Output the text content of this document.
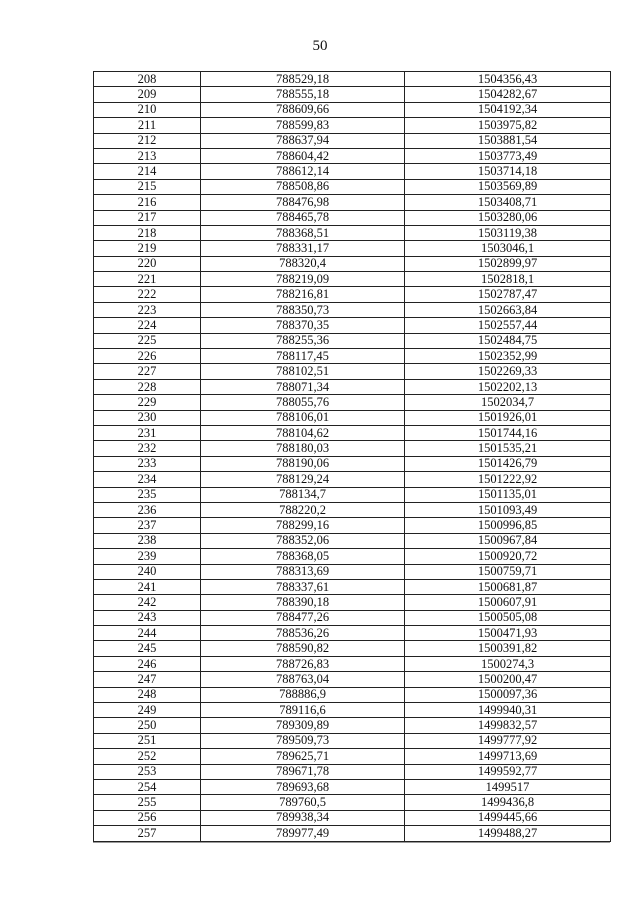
50
208	788529,18	1504356,43
209	788555,18	1504282,67
210	788609,66	1504192,34
211	788599,83	1503975,82
212	788637,94	1503881,54
213	788604,42	1503773,49
214	788612,14	1503714,18
215	788508,86	1503569,89
216	788476,98	1503408,71
217	788465,78	1503280,06
218	788368,51	1503119,38
219	788331,17	1503046,1
220	788320,4	1502899,97
221	788219,09	1502818,1
222	788216,81	1502787,47
223	788350,73	1502663,84
224	788370,35	1502557,44
225	788255,36	1502484,75
226	788117,45	1502352,99
227	788102,51	1502269,33
228	788071,34	1502202,13
229	788055,76	1502034,7
230	788106,01	1501926,01
231	788104,62	1501744,16
232	788180,03	1501535,21
233	788190,06	1501426,79
234	788129,24	1501222,92
235	788134,7	1501135,01
236	788220,2	1501093,49
237	788299,16	1500996,85
238	788352,06	1500967,84
239	788368,05	1500920,72
240	788313,69	1500759,71
241	788337,61	1500681,87
242	788390,18	1500607,91
243	788477,26	1500505,08
244	788536,26	1500471,93
245	788590,82	1500391,82
246	788726,83	1500274,3
247	788763,04	1500200,47
248	788886,9	1500097,36
249	789116,6	1499940,31
250	789309,89	1499832,57
251	789509,73	1499777,92
252	789625,71	1499713,69
253	789671,78	1499592,77
254	789693,68	1499517
255	789760,5	1499436,8
256	789938,34	1499445,66
257	789977,49	1499488,27
